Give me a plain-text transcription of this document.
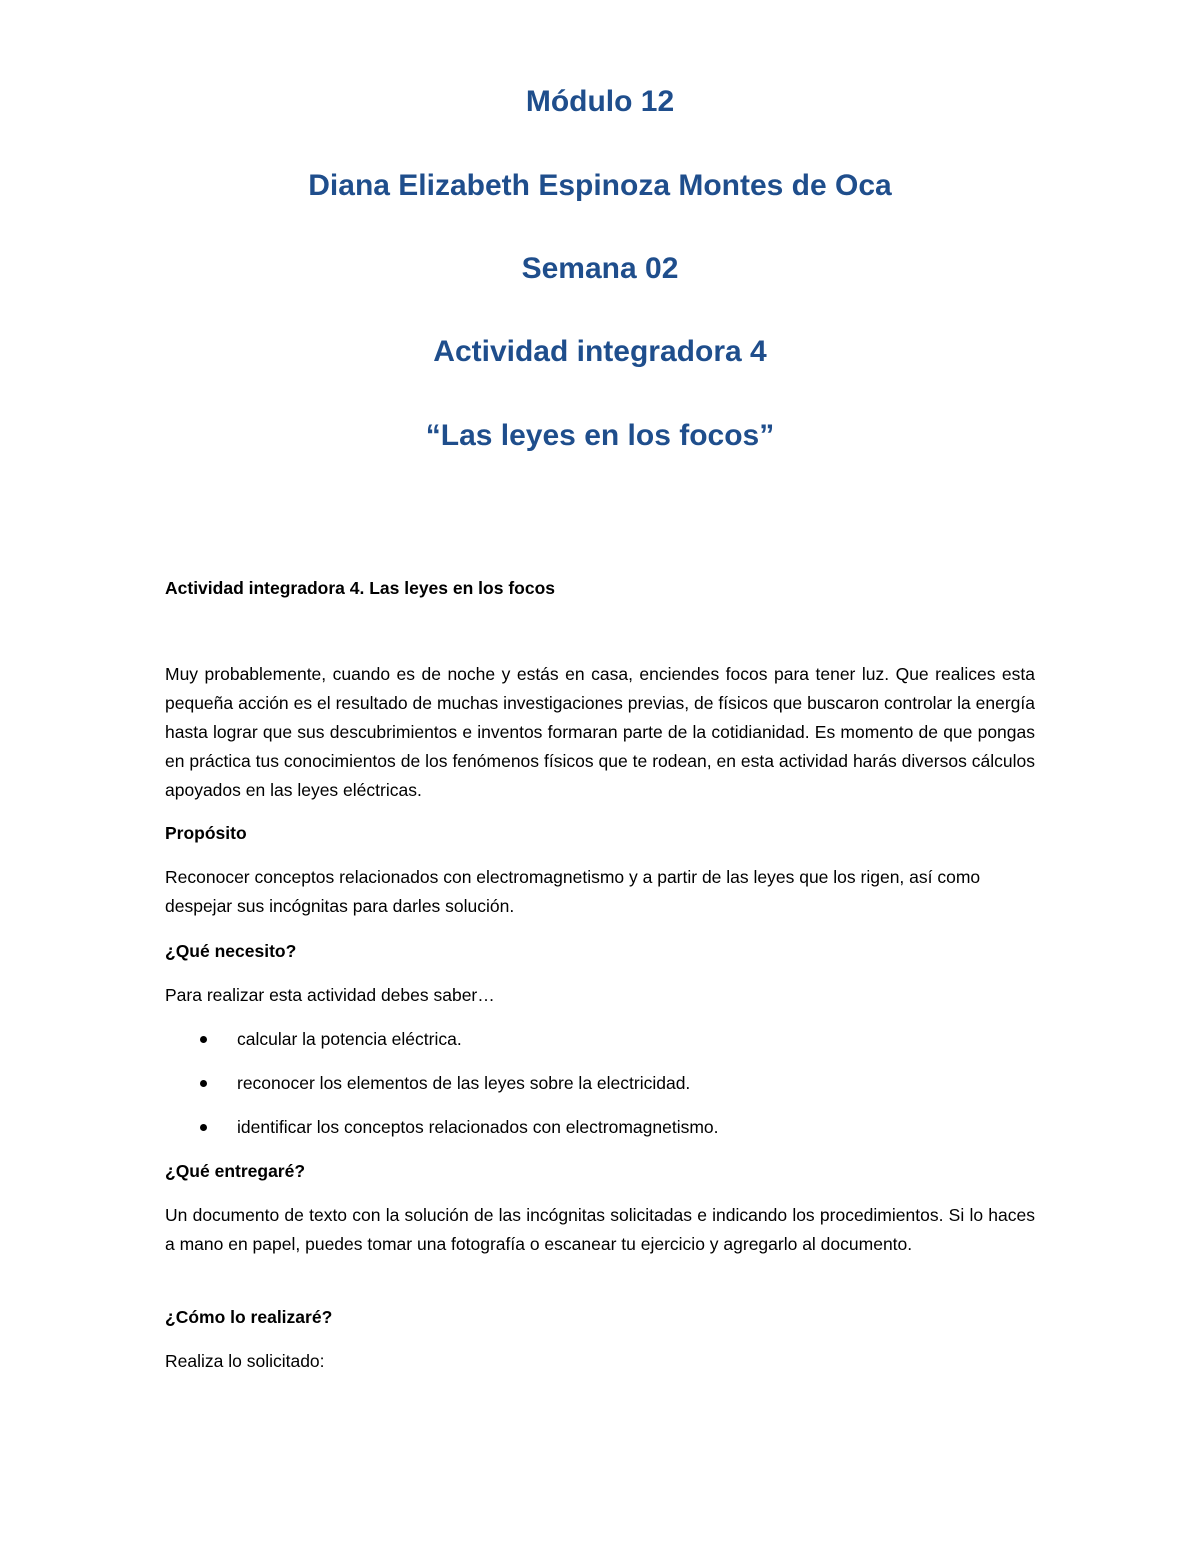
Módulo 12
Diana Elizabeth Espinoza Montes de Oca
Semana 02
Actividad integradora 4
“Las leyes en los focos”

Actividad integradora 4. Las leyes en los focos

Muy probablemente, cuando es de noche y estás en casa, enciendes focos para tener luz. Que realices esta pequeña acción es el resultado de muchas investigaciones previas, de físicos que buscaron controlar la energía hasta lograr que sus descubrimientos e inventos formaran parte de la cotidianidad. Es momento de que pongas en práctica tus conocimientos de los fenómenos físicos que te rodean, en esta actividad harás diversos cálculos apoyados en las leyes eléctricas.

Propósito

Reconocer conceptos relacionados con electromagnetismo y a partir de las leyes que los rigen, así como despejar sus incógnitas para darles solución.

¿Qué necesito?

Para realizar esta actividad debes saber…

calcular la potencia eléctrica.
reconocer los elementos de las leyes sobre la electricidad.
identificar los conceptos relacionados con electromagnetismo.

¿Qué entregaré?

Un documento de texto con la solución de las incógnitas solicitadas e indicando los procedimientos. Si lo haces a mano en papel, puedes tomar una fotografía o escanear tu ejercicio y agregarlo al documento.

¿Cómo lo realizaré?

Realiza lo solicitado:
